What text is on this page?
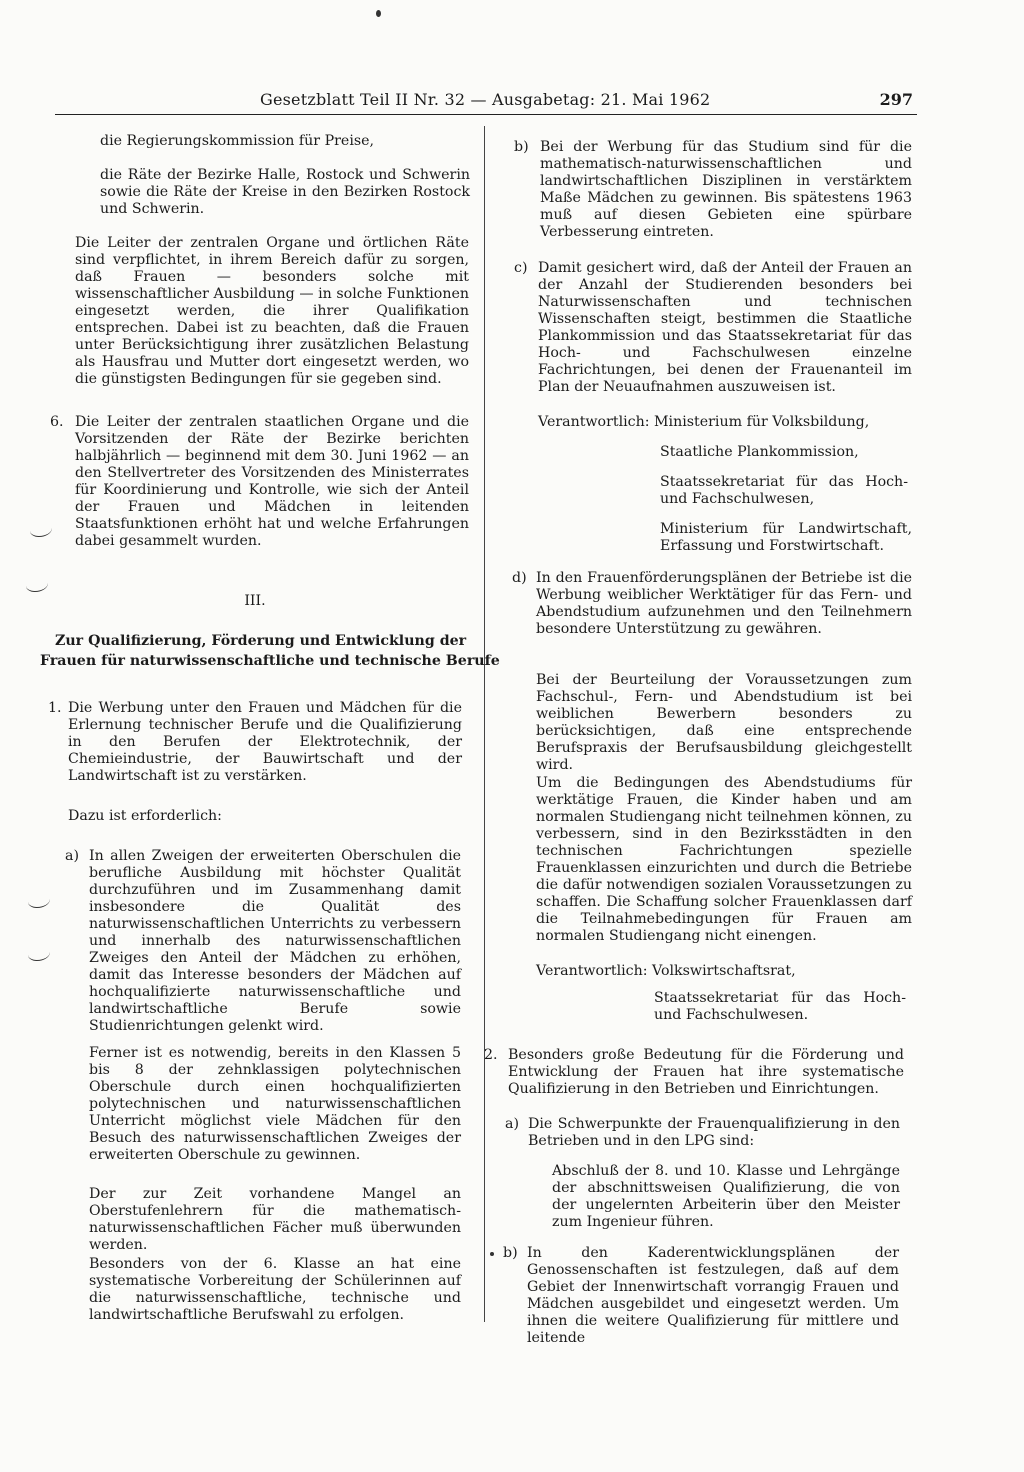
Gesetzblatt Teil II Nr. 32 — Ausgabetag: 21. Mai 1962	297
die Regierungskommission für Preise,
die Räte der Bezirke Halle, Rostock und Schwerin sowie die Räte der Kreise in den Bezirken Rostock und Schwerin.
Die Leiter der zentralen Organe und örtlichen Räte sind verpflichtet, in ihrem Bereich dafür zu sorgen, daß Frauen — besonders solche mit wissenschaftlicher Ausbildung — in solche Funktionen eingesetzt werden, die ihrer Qualifikation entsprechen. Dabei ist zu beachten, daß die Frauen unter Berücksichtigung ihrer zusätzlichen Belastung als Hausfrau und Mutter dort eingesetzt werden, wo die günstigsten Bedingungen für sie gegeben sind.
6. Die Leiter der zentralen staatlichen Organe und die Vorsitzenden der Räte der Bezirke berichten halbjährlich — beginnend mit dem 30. Juni 1962 — an den Stellvertreter des Vorsitzenden des Ministerrates für Koordinierung und Kontrolle, wie sich der Anteil der Frauen und Mädchen in leitenden Staatsfunktionen erhöht hat und welche Erfahrungen dabei gesammelt wurden.
III.
Zur Qualifizierung, Förderung und Entwicklung der
Frauen für naturwissenschaftliche und technische Berufe
1. Die Werbung unter den Frauen und Mädchen für die Erlernung technischer Berufe und die Qualifizierung in den Berufen der Elektrotechnik, der Chemieindustrie, der Bauwirtschaft und der Landwirtschaft ist zu verstärken.
Dazu ist erforderlich:
a) In allen Zweigen der erweiterten Oberschulen die berufliche Ausbildung mit höchster Qualität durchzuführen und im Zusammenhang damit insbesondere die Qualität des naturwissenschaftlichen Unterrichts zu verbessern und innerhalb des naturwissenschaftlichen Zweiges den Anteil der Mädchen zu erhöhen, damit das Interesse besonders der Mädchen auf hochqualifizierte naturwissenschaftliche und landwirtschaftliche Berufe sowie Studienrichtungen gelenkt wird.
Ferner ist es notwendig, bereits in den Klassen 5 bis 8 der zehnklassigen polytechnischen Oberschule durch einen hochqualifizierten polytechnischen und naturwissenschaftlichen Unterricht möglichst viele Mädchen für den Besuch des naturwissenschaftlichen Zweiges der erweiterten Oberschule zu gewinnen.
Der zur Zeit vorhandene Mangel an Oberstufenlehrern für die mathematisch-naturwissenschaftlichen Fächer muß überwunden werden.
Besonders von der 6. Klasse an hat eine systematische Vorbereitung der Schülerinnen auf die naturwissenschaftliche, technische und landwirtschaftliche Berufswahl zu erfolgen.
b) Bei der Werbung für das Studium sind für die mathematisch-naturwissenschaftlichen und landwirtschaftlichen Disziplinen in verstärktem Maße Mädchen zu gewinnen. Bis spätestens 1963 muß auf diesen Gebieten eine spürbare Verbesserung eintreten.
c) Damit gesichert wird, daß der Anteil der Frauen an der Anzahl der Studierenden besonders bei Naturwissenschaften und technischen Wissenschaften steigt, bestimmen die Staatliche Plankommission und das Staatssekretariat für das Hoch- und Fachschulwesen einzelne Fachrichtungen, bei denen der Frauenanteil im Plan der Neuaufnahmen auszuweisen ist.
Verantwortlich: Ministerium für Volksbildung,
Staatliche Plankommission,
Staatssekretariat für das Hoch- und Fachschulwesen,
Ministerium für Landwirtschaft, Erfassung und Forstwirtschaft.
d) In den Frauenförderungsplänen der Betriebe ist die Werbung weiblicher Werktätiger für das Fern- und Abendstudium aufzunehmen und den Teilnehmern besondere Unterstützung zu gewähren.
Bei der Beurteilung der Voraussetzungen zum Fachschul-, Fern- und Abendstudium ist bei weiblichen Bewerbern besonders zu berücksichtigen, daß eine entsprechende Berufspraxis der Berufsausbildung gleichgestellt wird.
Um die Bedingungen des Abendstudiums für werktätige Frauen, die Kinder haben und am normalen Studiengang nicht teilnehmen können, zu verbessern, sind in den Bezirksstädten in den technischen Fachrichtungen spezielle Frauenklassen einzurichten und durch die Betriebe die dafür notwendigen sozialen Voraussetzungen zu schaffen. Die Schaffung solcher Frauenklassen darf die Teilnahmebedingungen für Frauen am normalen Studiengang nicht einengen.
Verantwortlich: Volkswirtschaftsrat,
Staatssekretariat für das Hoch- und Fachschulwesen.
2. Besonders große Bedeutung für die Förderung und Entwicklung der Frauen hat ihre systematische Qualifizierung in den Betrieben und Einrichtungen.
a) Die Schwerpunkte der Frauenqualifizierung in den Betrieben und in den LPG sind:
Abschluß der 8. und 10. Klasse und Lehrgänge der abschnittsweisen Qualifizierung, die von der ungelernten Arbeiterin über den Meister zum Ingenieur führen.
b) In den Kaderentwicklungsplänen der Genossenschaften ist festzulegen, daß auf dem Gebiet der Innenwirtschaft vorrangig Frauen und Mädchen ausgebildet und eingesetzt werden. Um ihnen die weitere Qualifizierung für mittlere und leitende
